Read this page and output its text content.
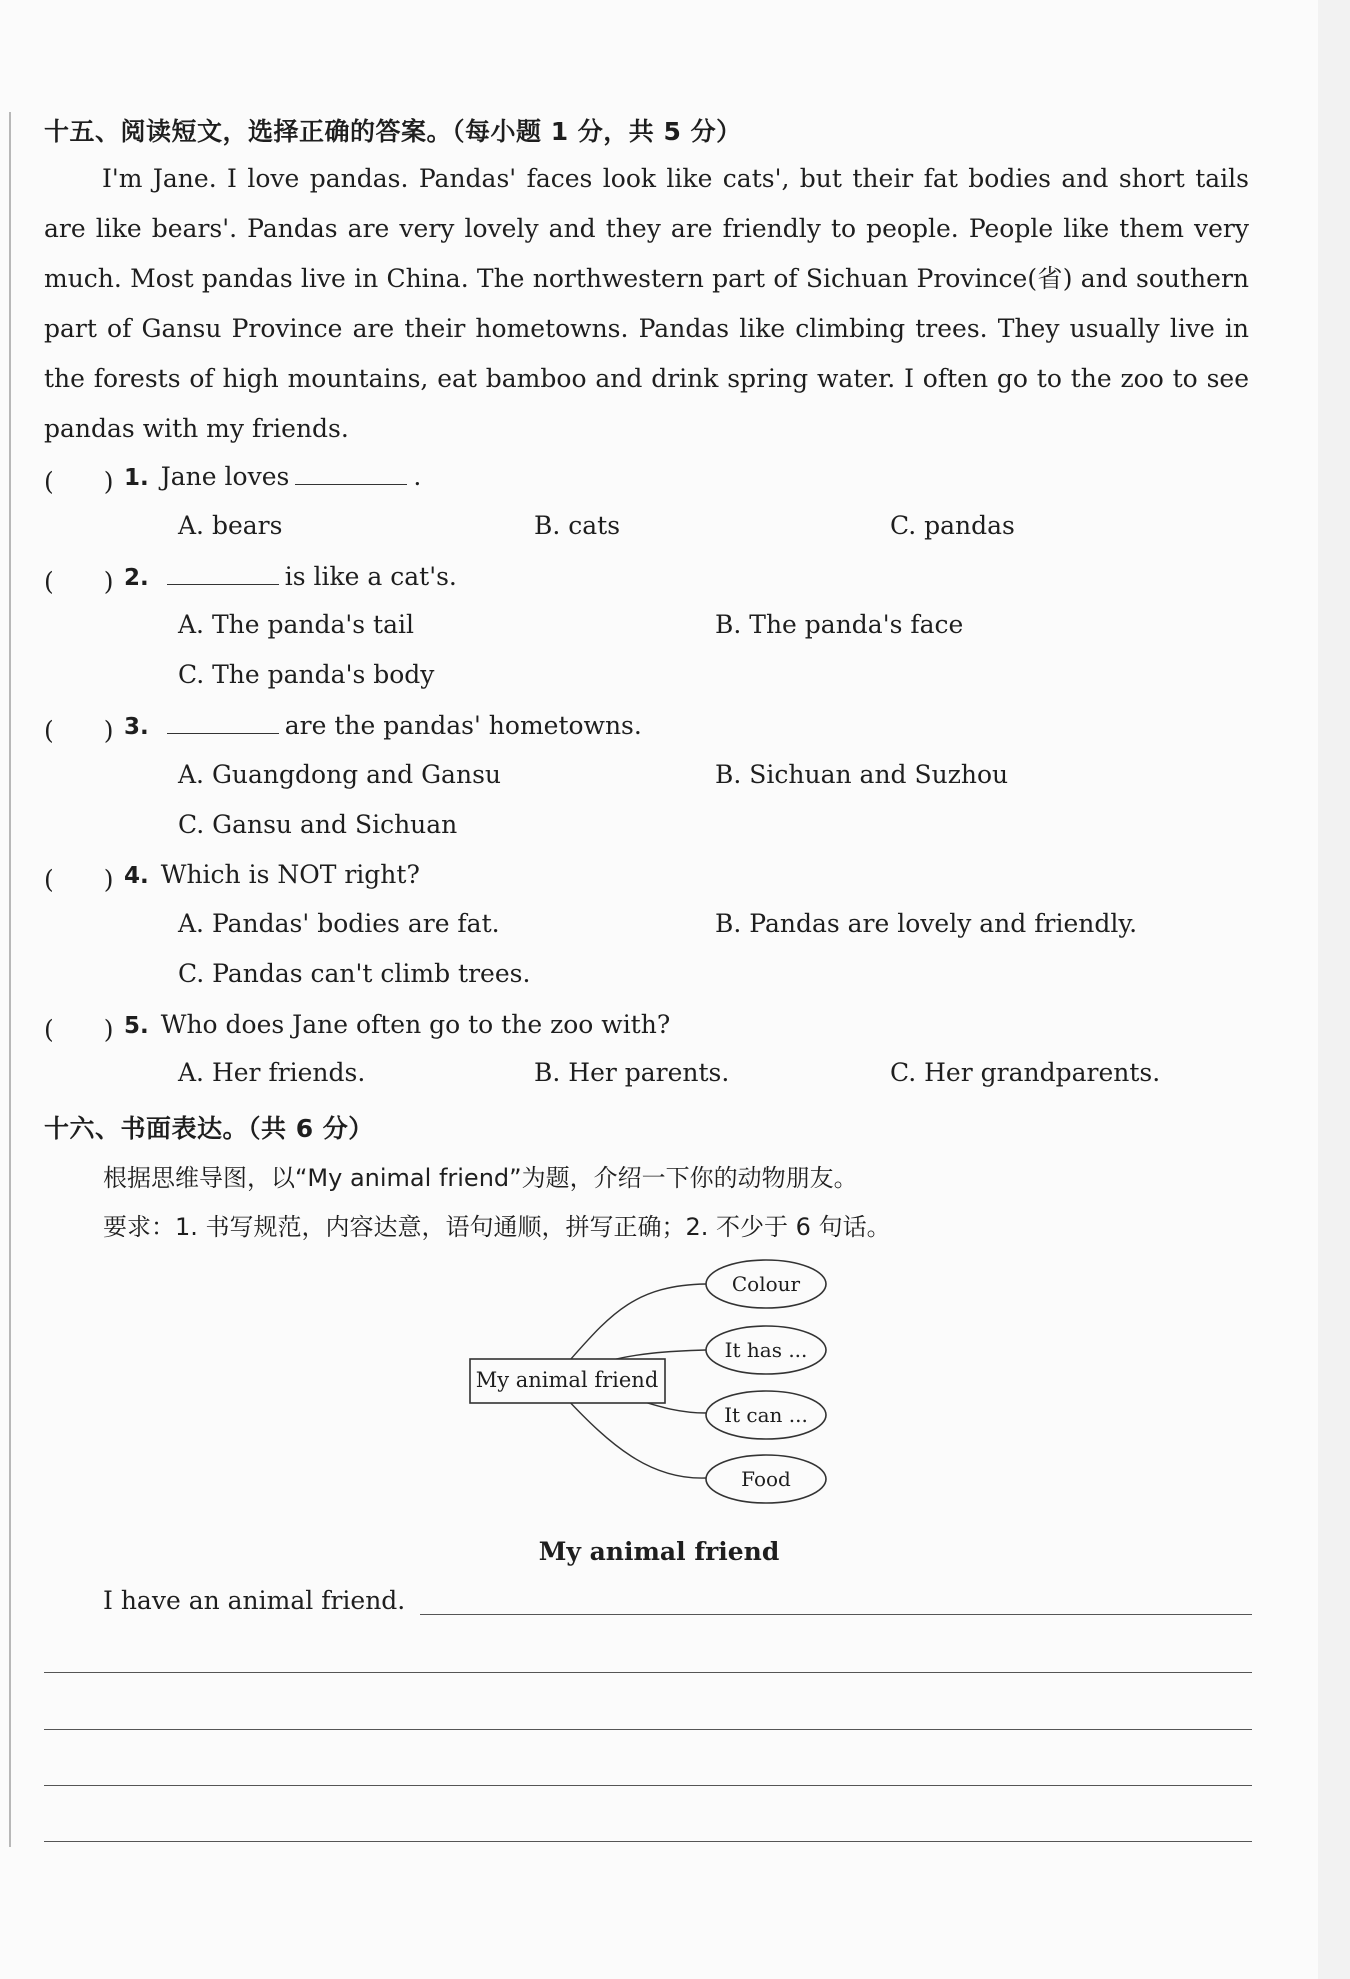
十五、阅读短文，选择正确的答案。（每小题 1 分，共 5 分）

I'm Jane. I love pandas. Pandas' faces look like cats', but their fat bodies and short tails are like bears'. Pandas are very lovely and they are friendly to people. People like them very much. Most pandas live in China. The northwestern part of Sichuan Province(省) and southern part of Gansu Province are their hometowns. Pandas like climbing trees. They usually live in the forests of high mountains, eat bamboo and drink spring water. I often go to the zoo to see pandas with my friends.

(　　) 1. Jane loves	.
A. bears	B. cats	C. pandas
(　　) 2.	is like a cat's.
A. The panda's tail	B. The panda's face
C. The panda's body
(　　) 3.	are the pandas' hometowns.
A. Guangdong and Gansu	B. Sichuan and Suzhou
C. Gansu and Sichuan
(　　) 4. Which is NOT right?
A. Pandas' bodies are fat.	B. Pandas are lovely and friendly.
C. Pandas can't climb trees.
(　　) 5. Who does Jane often go to the zoo with?
A. Her friends.	B. Her parents.	C. Her grandparents.
十六、书面表达。（共 6 分）
根据思维导图，以“My animal friend”为题，介绍一下你的动物朋友。
要求：1. 书写规范，内容达意，语句通顺，拼写正确；2. 不少于 6 句话。
My animal friend
Colour
It has ...
It can ...
Food
My animal friend
I have an animal friend.
